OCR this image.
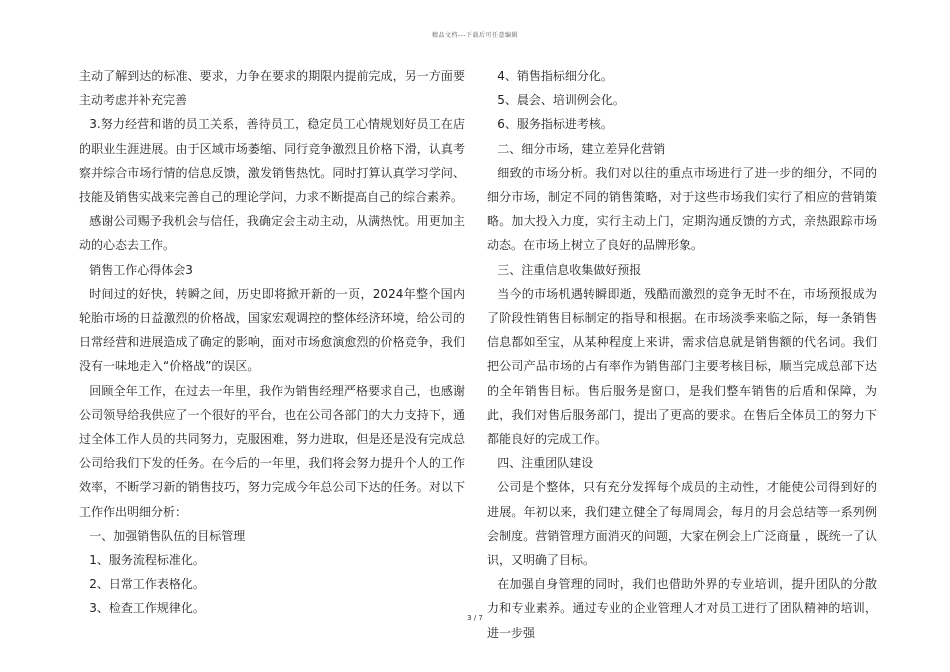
精品文档---下载后可任意编辑

主动了解到达的标准、要求，力争在要求的期限内提前完成，另一方面要主动考虑并补充完善

3.努力经营和谐的员工关系，善待员工，稳定员工心情规划好员工在店的职业生涯进展。由于区域市场萎缩、同行竞争激烈且价格下滑，认真考察并综合市场行情的信息反馈，激发销售热忱。同时打算认真学习学问、技能及销售实战来完善自己的理论学问，力求不断提高自己的综合素养。

感谢公司赐予我机会与信任，我确定会主动主动，从满热忱。用更加主动的心态去工作。

销售工作心得体会3

时间过的好快，转瞬之间，历史即将掀开新的一页，2024年整个国内轮胎市场的日益激烈的价格战，国家宏观调控的整体经济环境，给公司的日常经营和进展造成了确定的影响，面对市场愈演愈烈的价格竞争，我们没有一味地走入“价格战”的误区。

回顾全年工作，在过去一年里，我作为销售经理严格要求自己，也感谢公司领导给我供应了一个很好的平台，也在公司各部门的大力支持下，通过全体工作人员的共同努力，克服困难，努力进取，但是还是没有完成总公司给我们下发的任务。在今后的一年里，我们将会努力提升个人的工作效率，不断学习新的销售技巧，努力完成今年总公司下达的任务。对以下工作作出明细分析：

一、加强销售队伍的目标管理

1、服务流程标准化。

2、日常工作表格化。

3、检查工作规律化。

4、销售指标细分化。

5、晨会、培训例会化。

6、服务指标进考核。

二、细分市场，建立差异化营销

细致的市场分析。我们对以往的重点市场进行了进一步的细分，不同的细分市场，制定不同的销售策略，对于这些市场我们实行了相应的营销策略。加大投入力度，实行主动上门，定期沟通反馈的方式，亲热跟踪市场动态。在市场上树立了良好的品牌形象。

三、注重信息收集做好预报

当今的市场机遇转瞬即逝，残酷而激烈的竞争无时不在，市场预报成为了阶段性销售目标制定的指导和根据。在市场淡季来临之际，每一条销售信息都如至宝，从某种程度上来讲，需求信息就是销售额的代名词。我们把公司产品市场的占有率作为销售部门主要考核目标，顺当完成总部下达的全年销售目标。售后服务是窗口，是我们整车销售的后盾和保障，为此，我们对售后服务部门，提出了更高的要求。在售后全体员工的努力下都能良好的完成工作。

四、注重团队建设

公司是个整体，只有充分发挥每个成员的主动性，才能使公司得到好的进展。年初以来，我们建立健全了每周周会，每月的月会总结等一系列例会制度。营销管理方面消灭的问题，大家在例会上广泛商量 ，既统一了认识，又明确了目标。

在加强自身管理的同时，我们也借助外界的专业培训，提升团队的分散力和专业素养。通过专业的企业管理人才对员工进行了团队精神的培训，进一步强

3 / 7
